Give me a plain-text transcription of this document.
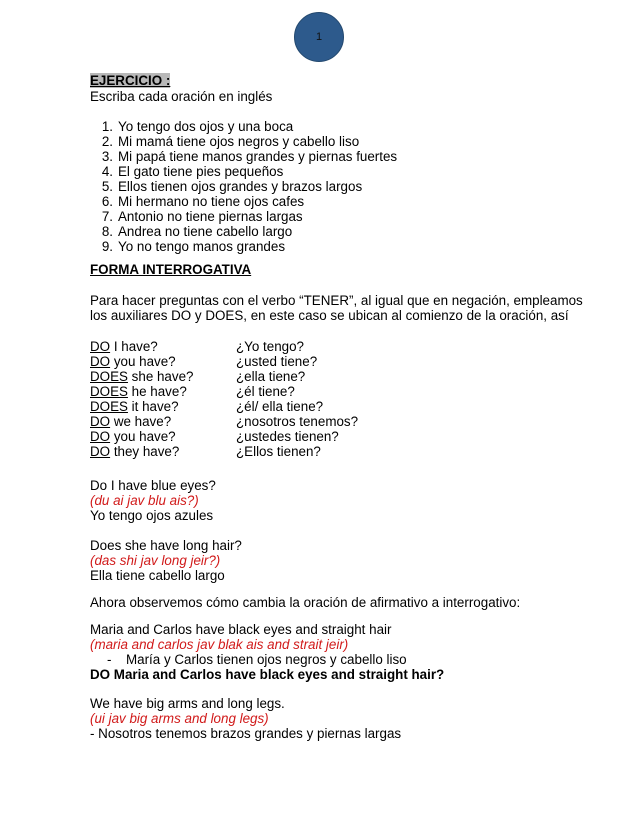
1
EJERCICIO :
Escriba cada oración en inglés
1. Yo tengo dos ojos y una boca
2. Mi mamá tiene ojos negros y cabello liso
3. Mi papá tiene manos grandes y piernas fuertes
4. El gato tiene pies pequeños
5. Ellos tienen ojos grandes y brazos largos
6. Mi hermano no tiene ojos cafes
7. Antonio no tiene piernas largas
8. Andrea no tiene cabello largo
9. Yo no tengo manos grandes
FORMA INTERROGATIVA
Para hacer preguntas con el verbo “TENER”, al igual que en negación, empleamos
los auxiliares DO y DOES, en este caso se ubican al comienzo de la oración, así
DO I have?	¿Yo tengo?
DO you have?	¿usted tiene?
DOES she have?	¿ella tiene?
DOES he have?	¿él tiene?
DOES it have?	¿él/ ella tiene?
DO we have?	¿nosotros tenemos?
DO you have?	¿ustedes tienen?
DO they have?	¿Ellos tienen?
Do I have blue eyes?
(du ai jav blu ais?)
Yo tengo ojos azules
Does she have long hair?
(das shi jav long jeir?)
Ella tiene cabello largo
Ahora observemos cómo cambia la oración de afirmativo a interrogativo:
Maria and Carlos have black eyes and straight hair
(maria and carlos jav blak ais and strait jeir)
- María y Carlos tienen ojos negros y cabello liso
DO Maria and Carlos have black eyes and straight hair?
We have big arms and long legs.
(ui jav big arms and long legs)
- Nosotros tenemos brazos grandes y piernas largas
